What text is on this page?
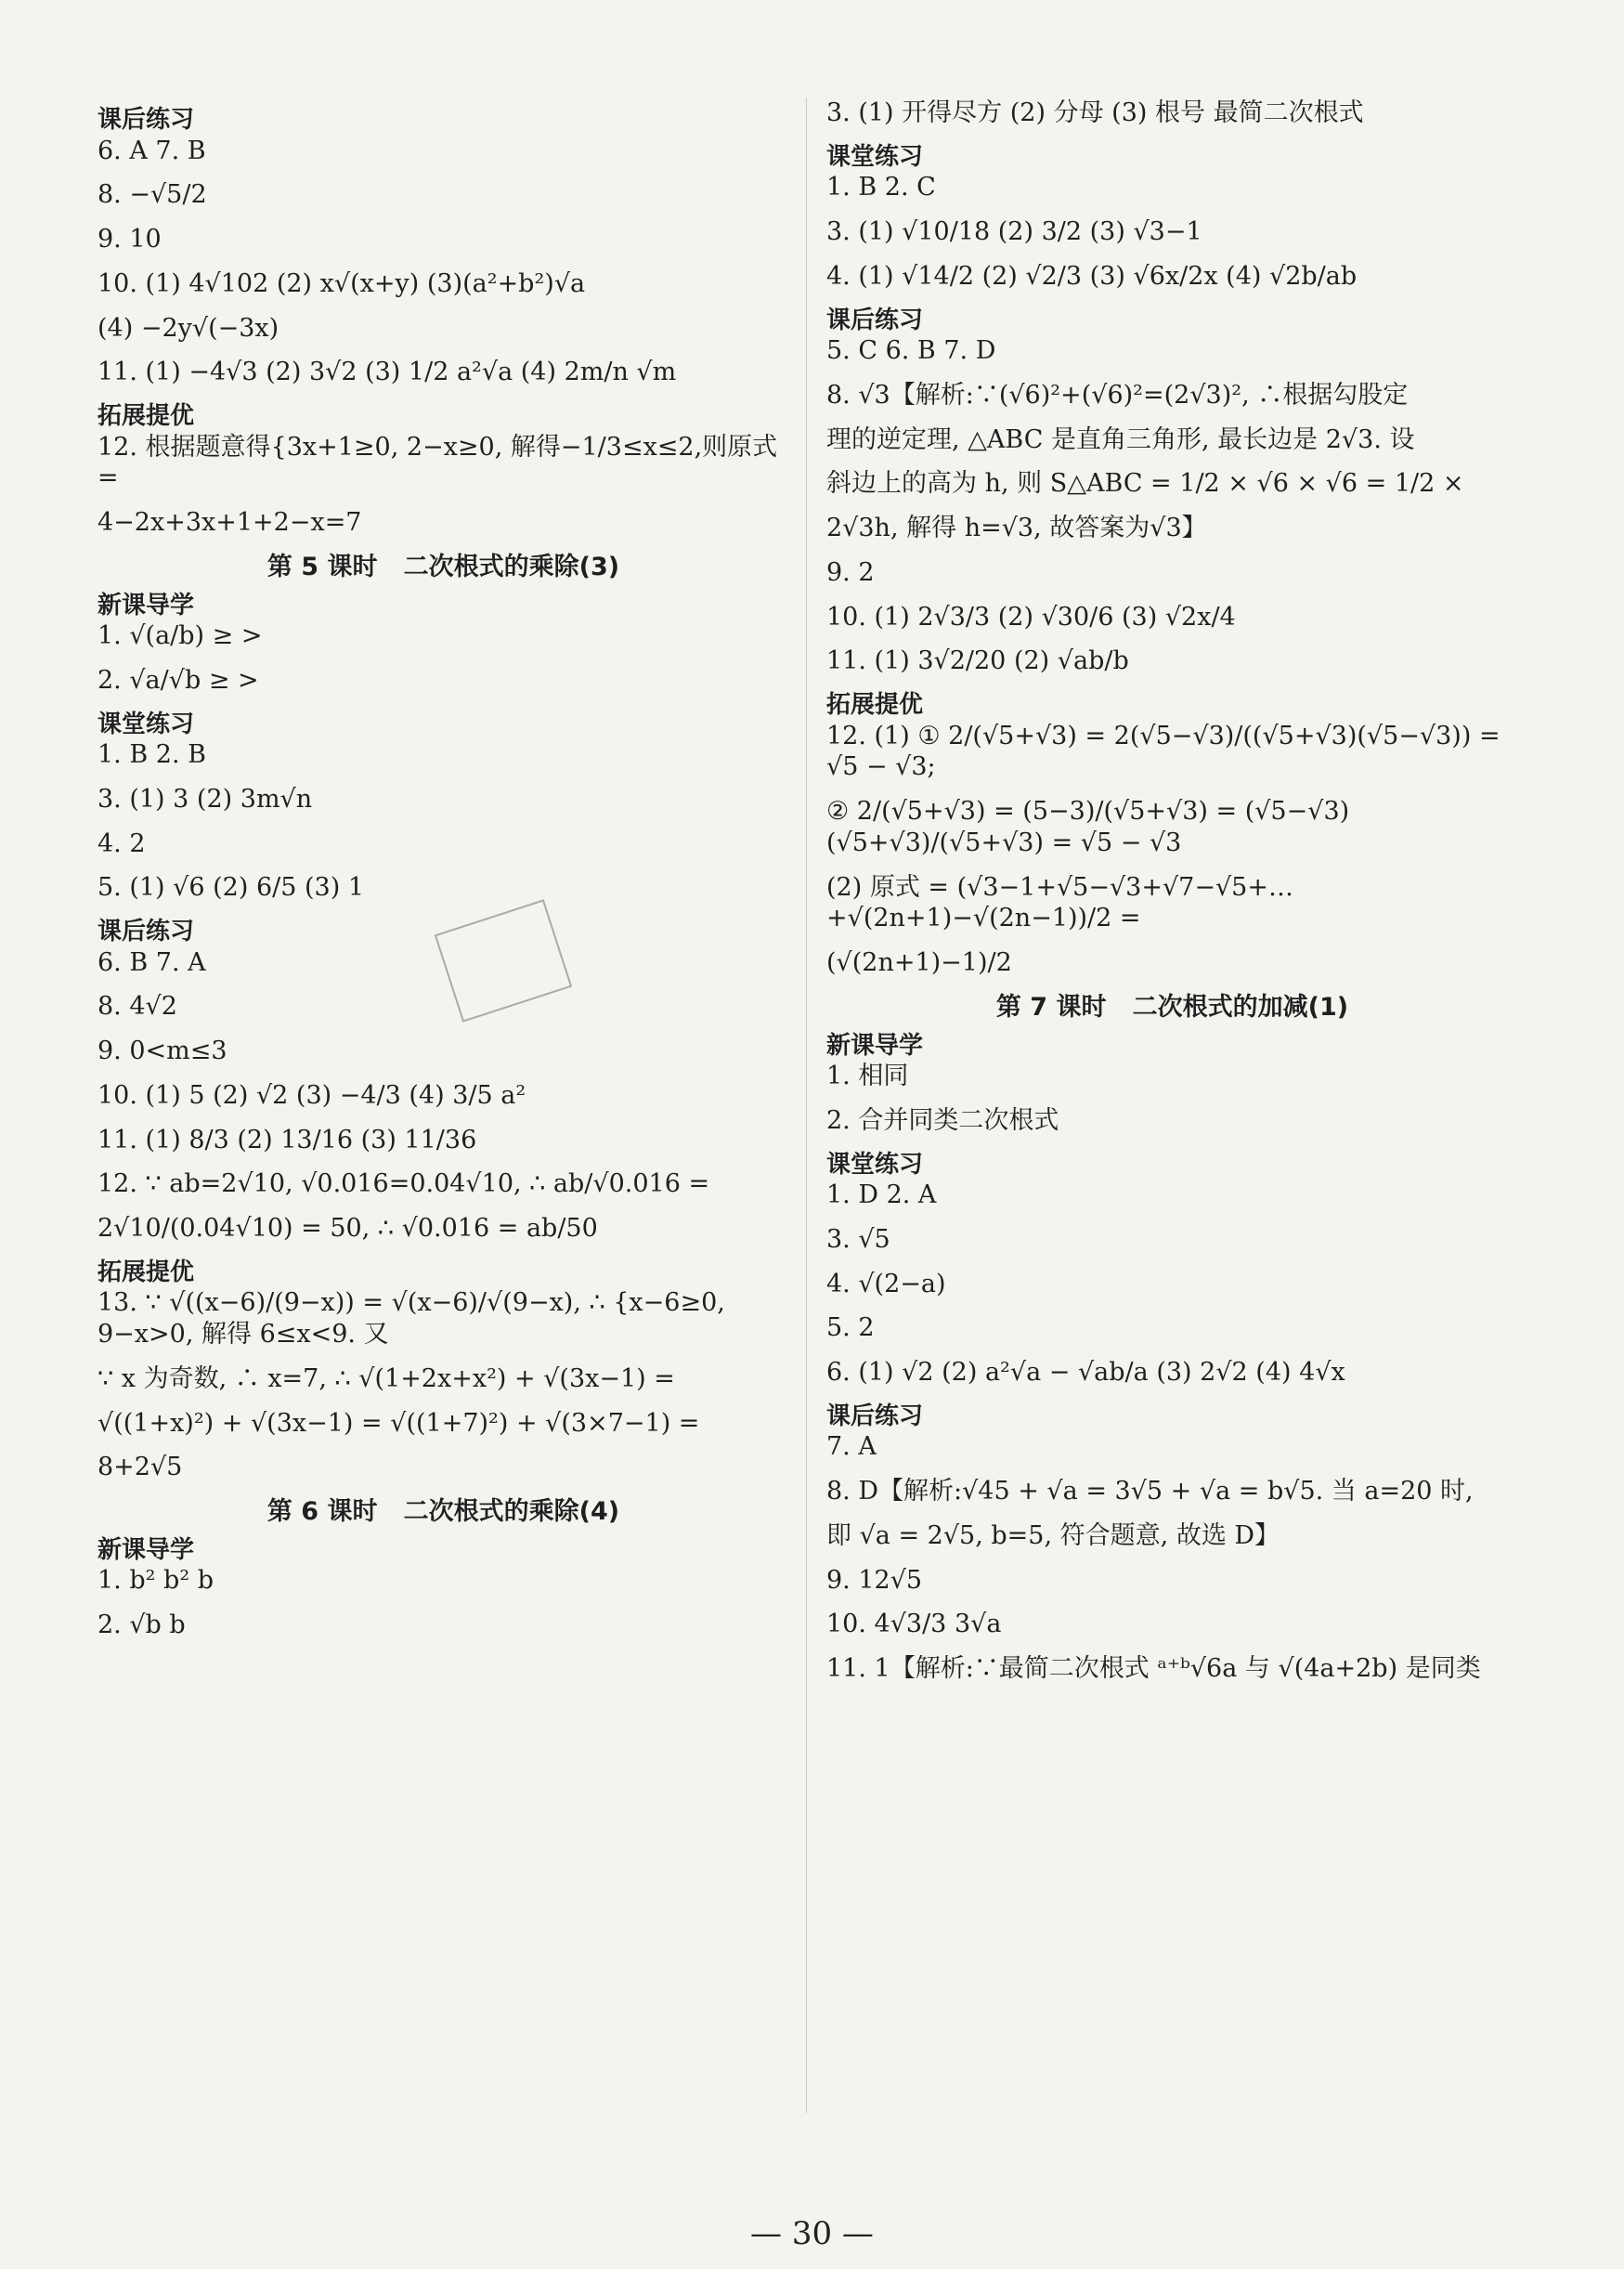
课后练习
6. A 7. B
8. −√5/2
9. 10
10. (1) 4√102 (2) x√(x+y) (3)(a²+b²)√a
(4) −2y√(−3x)
11. (1) −4√3 (2) 3√2 (3) 1/2 a²√a (4) 2m/n √m
拓展提优
12. 根据题意得{3x+1≥0, 2−x≥0, 解得−1/3≤x≤2,则原式=
4−2x+3x+1+2−x=7
第 5 课时   二次根式的乘除(3)
新课导学
1. √(a/b) ≥ >
2. √a/√b ≥ >
课堂练习
1. B 2. B
3. (1) 3 (2) 3m√n
4. 2
5. (1) √6 (2) 6/5 (3) 1
课后练习
6. B 7. A
8. 4√2
9. 0<m≤3
10. (1) 5 (2) √2 (3) −4/3 (4) 3/5 a²
11. (1) 8/3 (2) 13/16 (3) 11/36
12. ∵ ab=2√10, √0.016=0.04√10, ∴ ab/√0.016 =
2√10/(0.04√10) = 50, ∴ √0.016 = ab/50
拓展提优
13. ∵ √((x−6)/(9−x)) = √(x−6)/√(9−x), ∴ {x−6≥0, 9−x>0, 解得 6≤x<9. 又
∵ x 为奇数, ∴ x=7, ∴ √(1+2x+x²) + √(3x−1) =
√((1+x)²) + √(3x−1) = √((1+7)²) + √(3×7−1) =
8+2√5
第 6 课时   二次根式的乘除(4)
新课导学
1. b² b² b
2. √b b
3. (1) 开得尽方 (2) 分母 (3) 根号 最简二次根式
课堂练习
1. B 2. C
3. (1) √10/18 (2) 3/2 (3) √3−1
4. (1) √14/2 (2) √2/3 (3) √6x/2x (4) √2b/ab
课后练习
5. C 6. B 7. D
8. √3【解析:∵(√6)²+(√6)²=(2√3)², ∴根据勾股定
理的逆定理, △ABC 是直角三角形, 最长边是 2√3. 设
斜边上的高为 h, 则 S△ABC = 1/2 × √6 × √6 = 1/2 ×
2√3h, 解得 h=√3, 故答案为√3】
9. 2
10. (1) 2√3/3 (2) √30/6 (3) √2x/4
11. (1) 3√2/20 (2) √ab/b
拓展提优
12. (1) ① 2/(√5+√3) = 2(√5−√3)/((√5+√3)(√5−√3)) = √5 − √3;
② 2/(√5+√3) = (5−3)/(√5+√3) = (√5−√3)(√5+√3)/(√5+√3) = √5 − √3
(2) 原式 = (√3−1+√5−√3+√7−√5+…+√(2n+1)−√(2n−1))/2 =
(√(2n+1)−1)/2
第 7 课时   二次根式的加减(1)
新课导学
1. 相同
2. 合并同类二次根式
课堂练习
1. D 2. A
3. √5
4. √(2−a)
5. 2
6. (1) √2 (2) a²√a − √ab/a (3) 2√2 (4) 4√x
课后练习
7. A
8. D【解析:√45 + √a = 3√5 + √a = b√5. 当 a=20 时,
即 √a = 2√5, b=5, 符合题意, 故选 D】
9. 12√5
10. 4√3/3 3√a
11. 1【解析:∵最简二次根式 ᵃ⁺ᵇ√6a 与 √(4a+2b) 是同类
— 30 —
